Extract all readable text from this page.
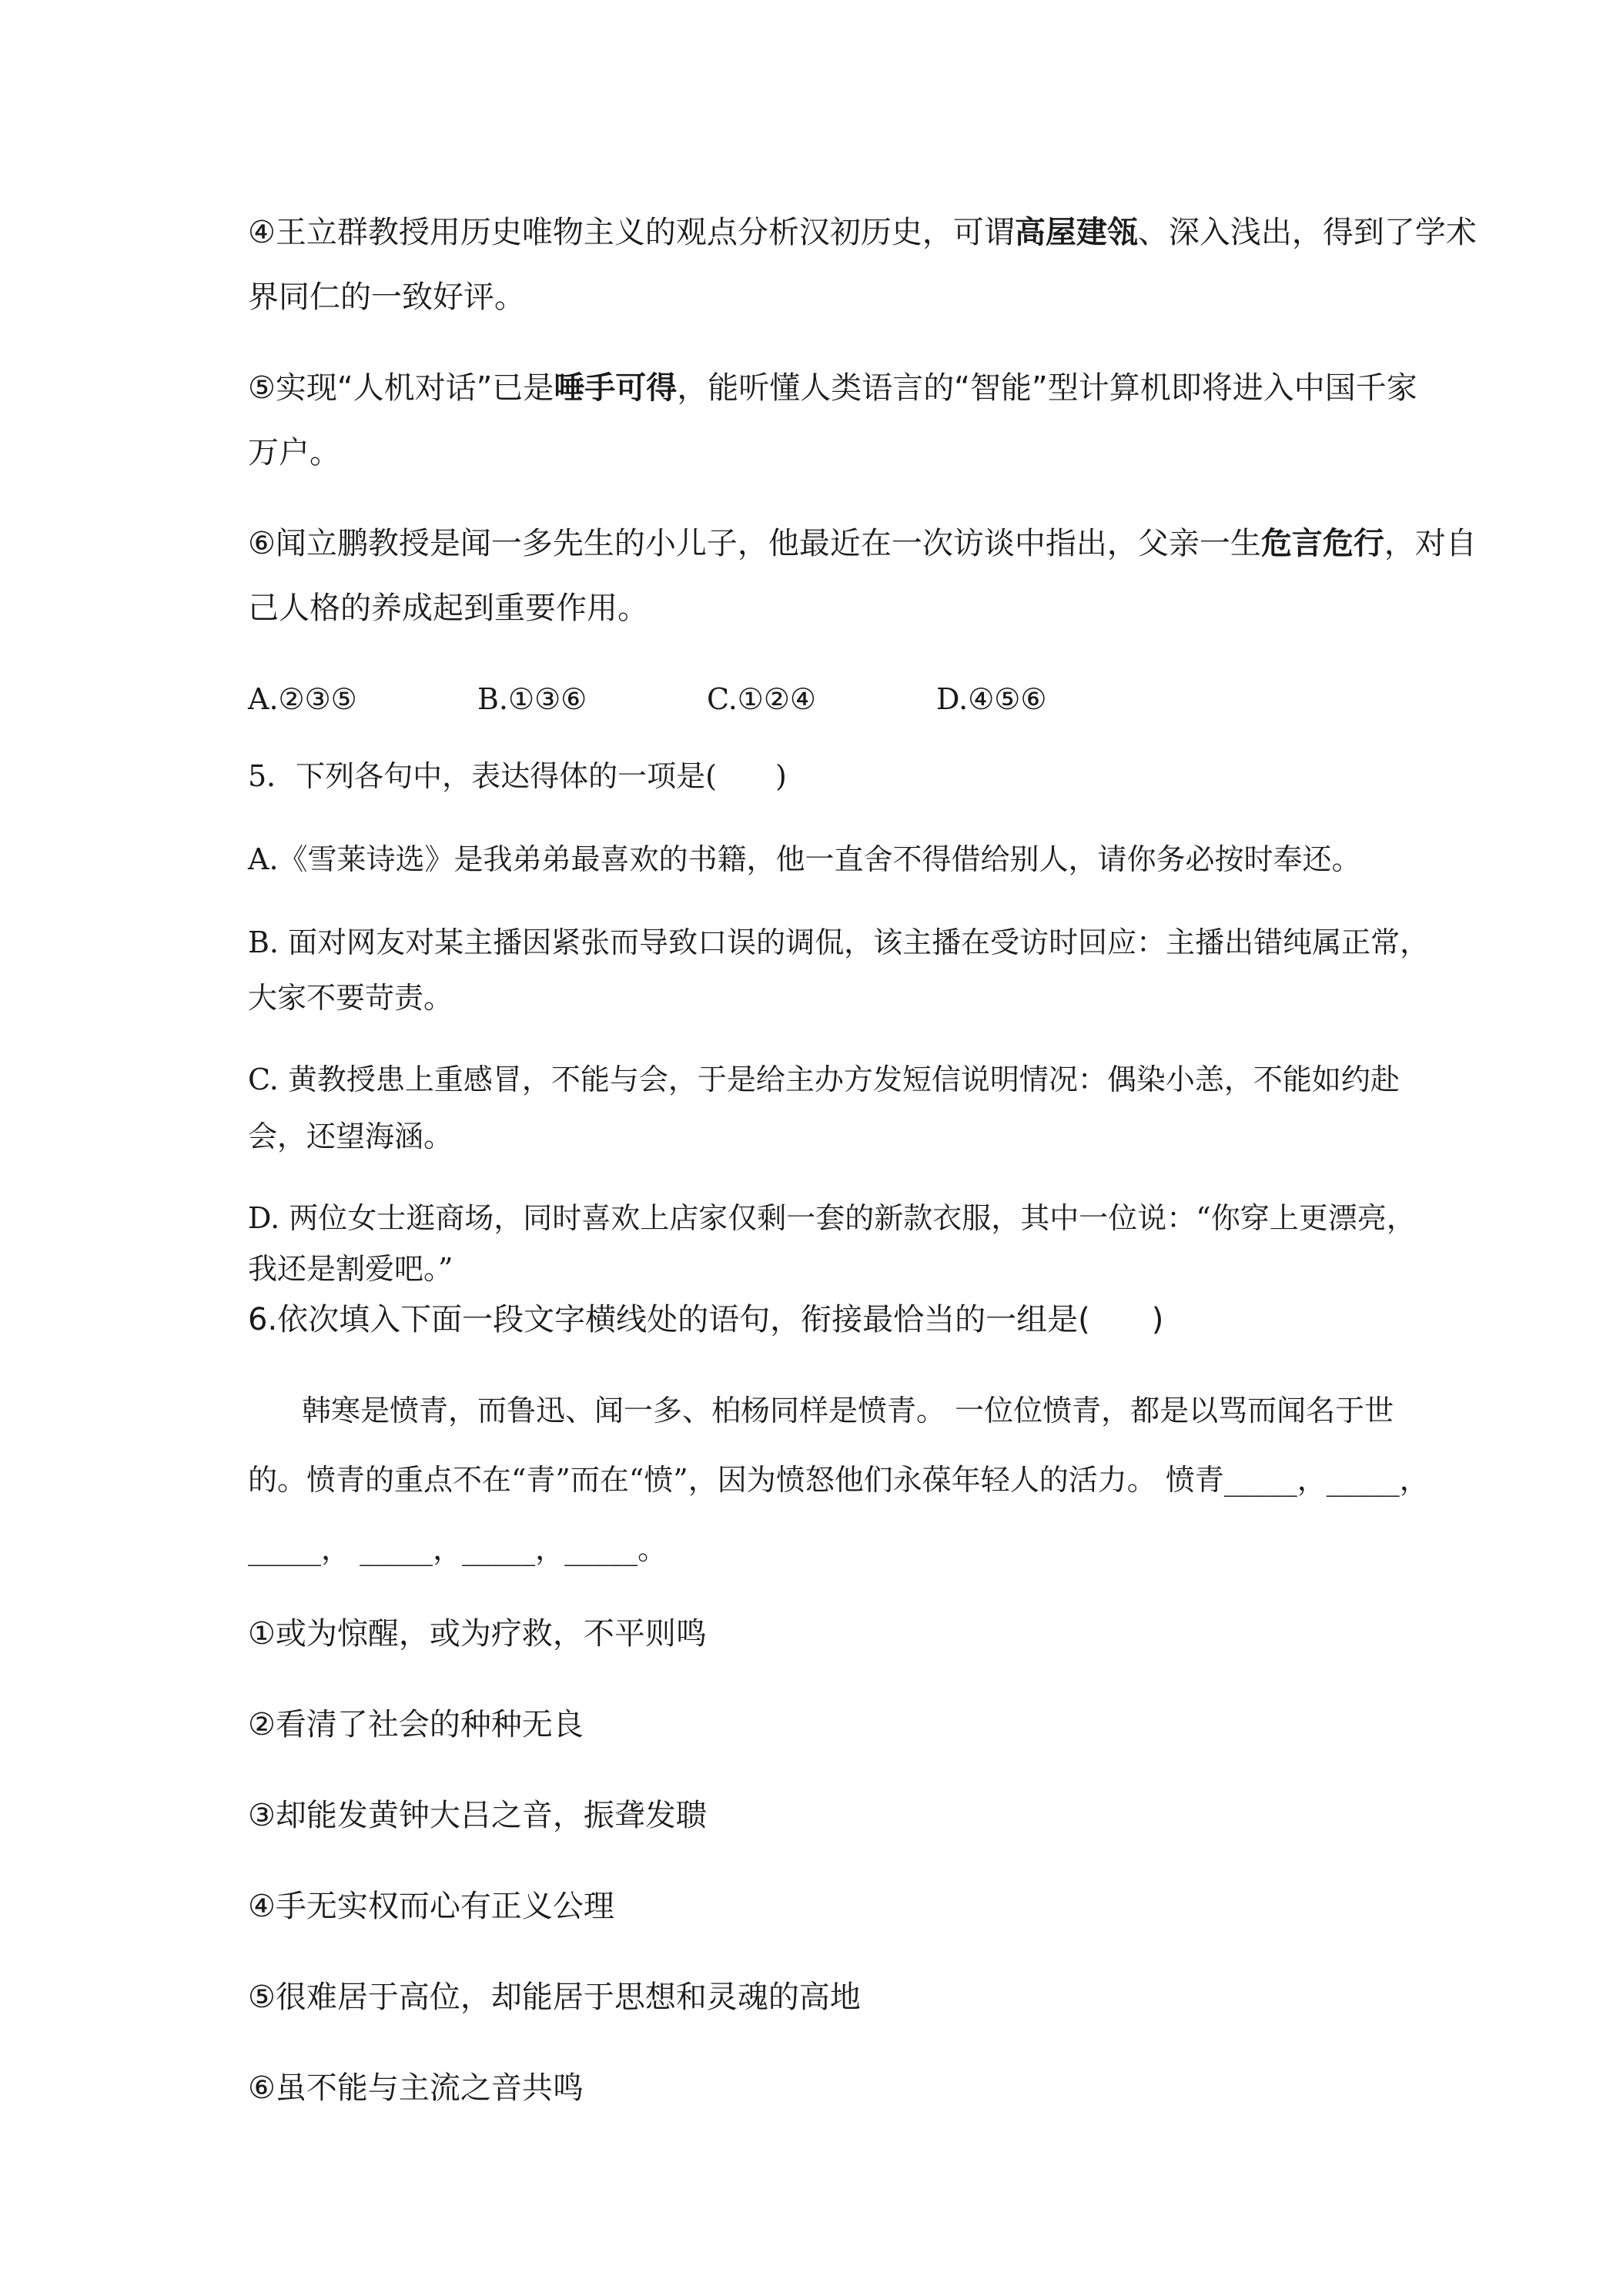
④王立群教授用历史唯物主义的观点分析汉初历史，可谓高屋建瓴、深入浅出，得到了学术
界同仁的一致好评。
⑤实现“人机对话”已是唾手可得，能听懂人类语言的“智能”型计算机即将进入中国千家
万户。
⑥闻立鹏教授是闻一多先生的小儿子，他最近在一次访谈中指出，父亲一生危言危行，对自
己人格的养成起到重要作用。
A.②③⑤	B.①③⑥	C.①②④	D.④⑤⑥
5．下列各句中，表达得体的一项是(　　)
A.《雪莱诗选》是我弟弟最喜欢的书籍，他一直舍不得借给别人，请你务必按时奉还。
B. 面对网友对某主播因紧张而导致口误的调侃，该主播在受访时回应：主播出错纯属正常，
大家不要苛责。
C. 黄教授患上重感冒，不能与会，于是给主办方发短信说明情况：偶染小恙，不能如约赴
会，还望海涵。
D. 两位女士逛商场，同时喜欢上店家仅剩一套的新款衣服，其中一位说：“你穿上更漂亮，
我还是割爱吧。”
6.依次填入下面一段文字横线处的语句，衔接最恰当的一组是(　　)
韩寒是愤青，而鲁迅、闻一多、柏杨同样是愤青。 一位位愤青，都是以骂而闻名于世
的。愤青的重点不在“青”而在“愤”，因为愤怒他们永葆年轻人的活力。 愤青_____，_____，
_____， _____，_____，_____。
①或为惊醒，或为疗救，不平则鸣
②看清了社会的种种无良
③却能发黄钟大吕之音，振聋发聩
④手无实权而心有正义公理
⑤很难居于高位，却能居于思想和灵魂的高地
⑥虽不能与主流之音共鸣
